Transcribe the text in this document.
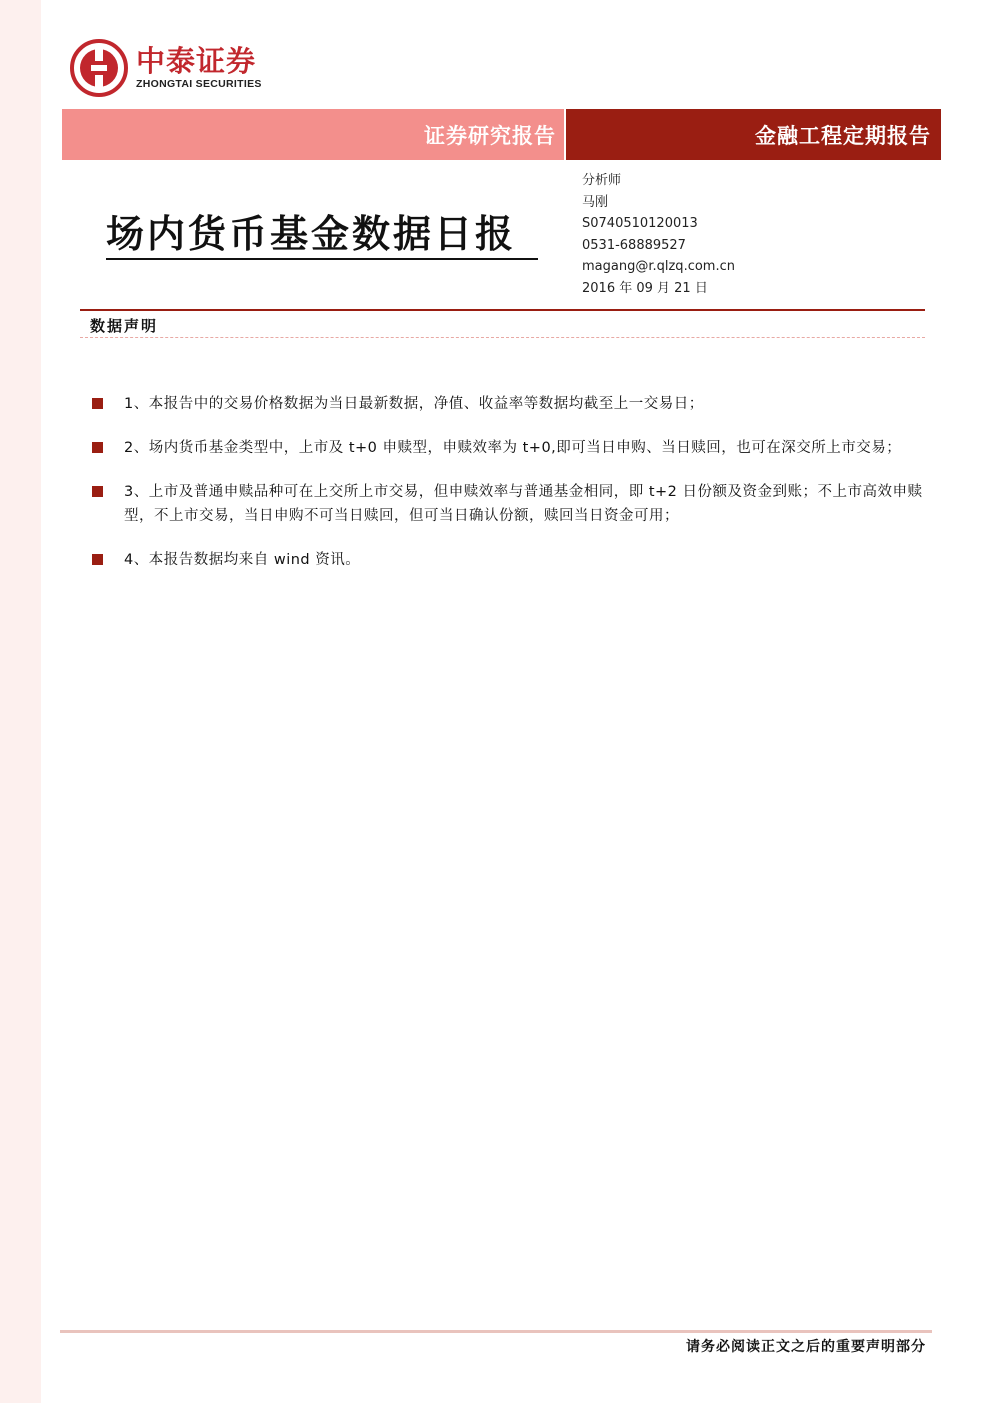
中泰证券
ZHONGTAI SECURITIES
证券研究报告	金融工程定期报告
场内货币基金数据日报
分析师
马刚
S0740510120013
0531-68889527
magang@r.qlzq.com.cn
2016 年 09 月 21 日
数据声明
1、本报告中的交易价格数据为当日最新数据，净值、收益率等数据均截至上一交易日；
2、场内货币基金类型中，上市及 t+0 申赎型，申赎效率为 t+0,即可当日申购、当日赎回，也可在深交所上市交易；
3、上市及普通申赎品种可在上交所上市交易，但申赎效率与普通基金相同，即 t+2 日份额及资金到账；不上市高效申赎型，不上市交易，当日申购不可当日赎回，但可当日确认份额，赎回当日资金可用；
4、本报告数据均来自 wind 资讯。
请务必阅读正文之后的重要声明部分
